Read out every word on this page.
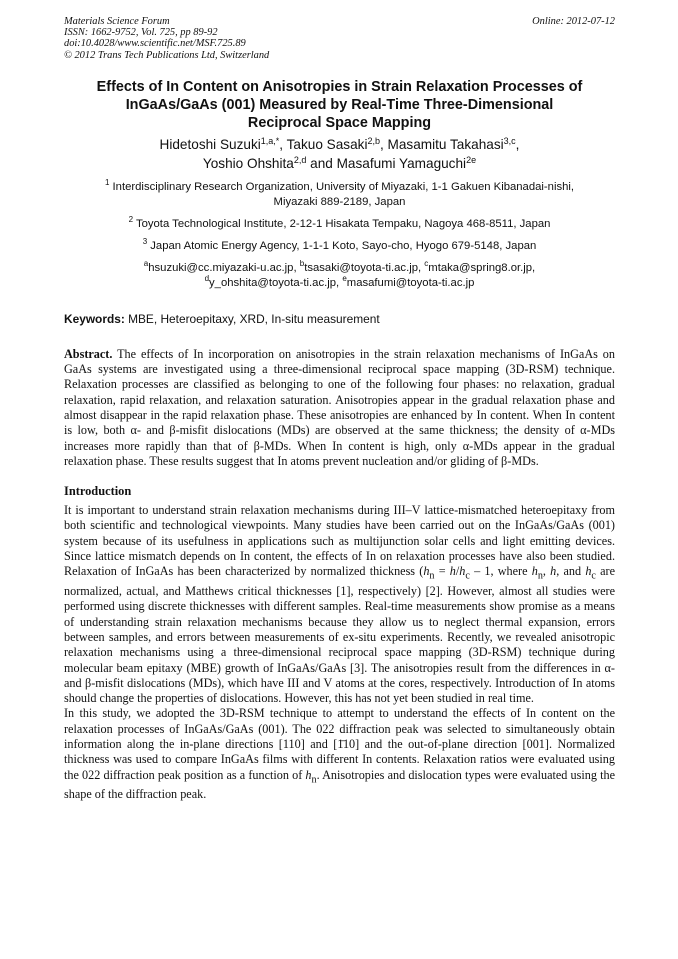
Materials Science Forum
ISSN: 1662-9752, Vol. 725, pp 89-92
doi:10.4028/www.scientific.net/MSF.725.89
© 2012 Trans Tech Publications Ltd, Switzerland
Online: 2012-07-12
Effects of In Content on Anisotropies in Strain Relaxation Processes of
InGaAs/GaAs (001) Measured by Real-Time Three-Dimensional
Reciprocal Space Mapping
Hidetoshi Suzuki$^{1,a,*}$, Takuo Sasaki$^{2,b}$, Masamitu Takahasi$^{3,c}$,
Yoshio Ohshita$^{2,d}$ and Masafumi Yamaguchi$^{2e}$
$^1$ Interdisciplinary Research Organization, University of Miyazaki, 1-1 Gakuen Kibanadai-nishi,
Miyazaki 889-2189, Japan
$^2$ Toyota Technological Institute, 2-12-1 Hisakata Tempaku, Nagoya 468-8511, Japan
$^3$ Japan Atomic Energy Agency, 1-1-1 Koto, Sayo-cho, Hyogo 679-5148, Japan
$^a$hsuzuki@cc.miyazaki-u.ac.jp, $^b$tsasaki@toyota-ti.ac.jp, $^c$mtaka@spring8.or.jp,
$^d$y_ohshita@toyota-ti.ac.jp, $^e$masafumi@toyota-ti.ac.jp
Keywords: MBE, Heteroepitaxy, XRD, In-situ measurement
Abstract. The effects of In incorporation on anisotropies in the strain relaxation mechanisms of InGaAs on GaAs systems are investigated using a three-dimensional reciprocal space mapping (3D-RSM) technique. Relaxation processes are classified as belonging to one of the following four phases: no relaxation, gradual relaxation, rapid relaxation, and relaxation saturation. Anisotropies appear in the gradual relaxation phase and almost disappear in the rapid relaxation phase. These anisotropies are enhanced by In content. When In content is low, both α- and β-misfit dislocations (MDs) are observed at the same thickness; the density of α-MDs increases more rapidly than that of β-MDs. When In content is high, only α-MDs appear in the gradual relaxation phase. These results suggest that In atoms prevent nucleation and/or gliding of β-MDs.
Introduction

It is important to understand strain relaxation mechanisms during III–V lattice-mismatched heteroepitaxy from both scientific and technological viewpoints. Many studies have been carried out on the InGaAs/GaAs (001) system because of its usefulness in applications such as multijunction solar cells and light emitting devices. Since lattice mismatch depends on In content, the effects of In on relaxation processes have also been studied. Relaxation of InGaAs has been characterized by normalized thickness ($h_n = h/h_c - 1$, where $h_n$, h, and $h_c$ are normalized, actual, and Matthews critical thicknesses [1], respectively) [2]. However, almost all studies were performed using discrete thicknesses with different samples. Real-time measurements show promise as a means of understanding strain relaxation mechanisms because they allow us to neglect thermal expansion, errors between samples, and errors between measurements of ex-situ experiments. Recently, we revealed anisotropic relaxation mechanisms using a three-dimensional reciprocal space mapping (3D-RSM) technique during molecular beam epitaxy (MBE) growth of InGaAs/GaAs [3]. The anisotropies result from the differences in α- and β-misfit dislocations (MDs), which have III and V atoms at the cores, respectively. Introduction of In atoms should change the properties of dislocations. However, this has not yet been studied in real time.

In this study, we adopted the 3D-RSM technique to attempt to understand the effects of In content on the relaxation processes of InGaAs/GaAs (001). The 022 diffraction peak was selected to simultaneously obtain information along the in-plane directions [110] and [1̄10] and the out-of-plane direction [001]. Normalized thickness was used to compare InGaAs films with different In contents. Relaxation ratios were evaluated using the 022 diffraction peak position as a function of $h_n$. Anisotropies and dislocation types were evaluated using the shape of the diffraction peak.
